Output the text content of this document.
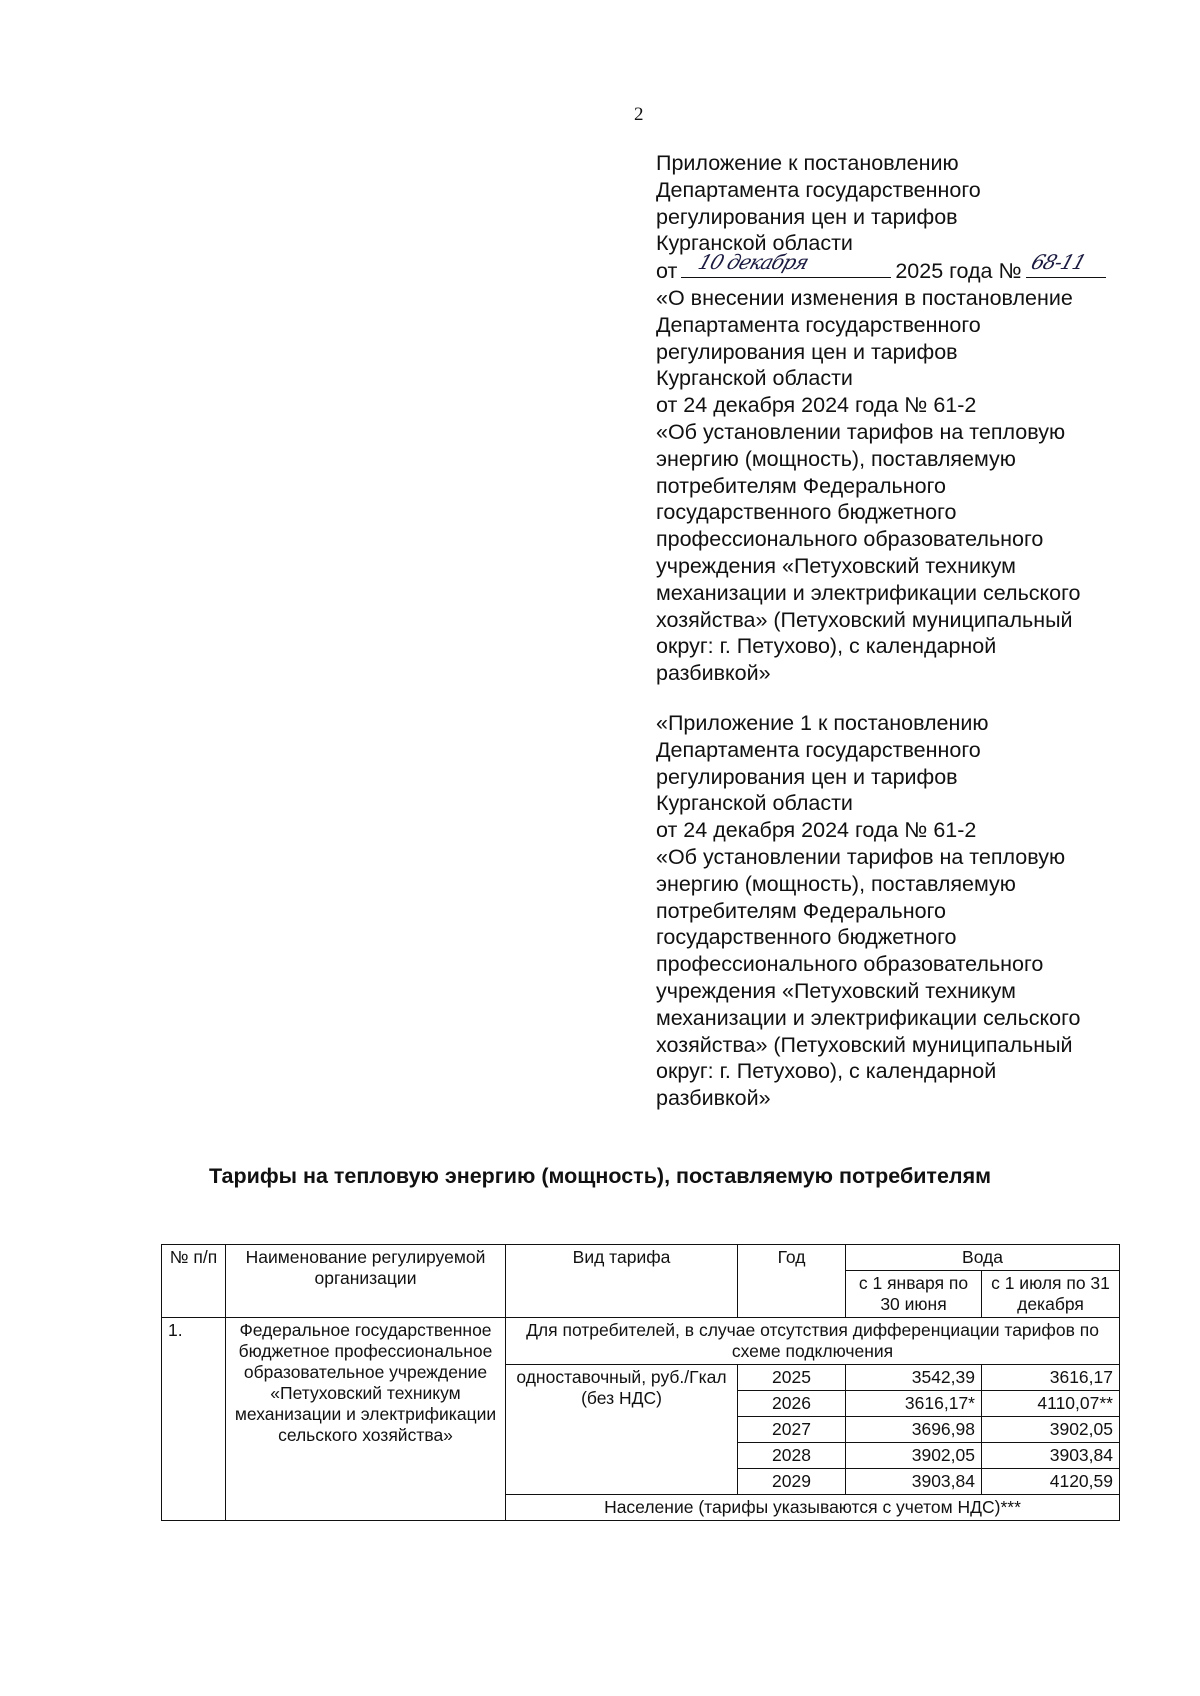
2
Приложение к постановлению
Департамента государственного
регулирования цен и тарифов
Курганской области
от 10 декабря	2025 года № 68-11
«О внесении изменения в постановление
Департамента государственного
регулирования цен и тарифов
Курганской области
от 24 декабря 2024 года № 61-2
«Об установлении тарифов на тепловую
энергию (мощность), поставляемую
потребителям Федерального
государственного бюджетного
профессионального образовательного
учреждения «Петуховский техникум
механизации и электрификации сельского
хозяйства» (Петуховский муниципальный
округ: г. Петухово), с календарной
разбивкой»
«Приложение 1 к постановлению
Департамента государственного
регулирования цен и тарифов
Курганской области
от 24 декабря 2024 года № 61-2
«Об установлении тарифов на тепловую
энергию (мощность), поставляемую
потребителям Федерального
государственного бюджетного
профессионального образовательного
учреждения «Петуховский техникум
механизации и электрификации сельского
хозяйства» (Петуховский муниципальный
округ: г. Петухово), с календарной
разбивкой»
Тарифы на тепловую энергию (мощность), поставляемую потребителям
№ п/п	Наименование регулируемой организации	Вид тарифа	Год	Вода	
				с 1 января по 30 июня	с 1 июля по 31 декабря
1.	Федеральное государственное бюджетное профессиональное образовательное учреждение «Петуховский техникум механизации и электрификации сельского хозяйства»	Для потребителей, в случае отсутствия дифференциации тарифов по схеме подключения			
		одноставочный, руб./Гкал (без НДС)	2025	3542,39	3616,17
			2026	3616,17*	4110,07**
			2027	3696,98	3902,05
			2028	3902,05	3903,84
			2029	3903,84	4120,59
		Население (тарифы указываются с учетом НДС)***			
